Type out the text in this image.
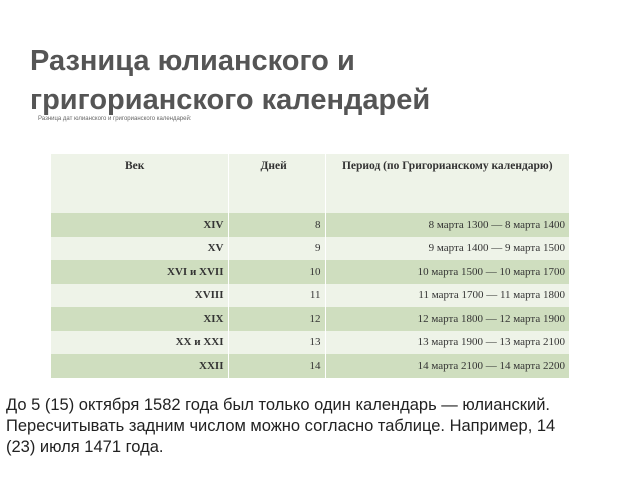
Разница юлианского и
григорианского календарей
Разница дат юлианского и григорианского календарей:
Век	Дней	Период (по Григорианскому календарю)
XIV	8	8 марта 1300 — 8 марта 1400
XV	9	9 марта 1400 — 9 марта 1500
XVI и XVII	10	10 марта 1500 — 10 марта 1700
XVIII	11	11 марта 1700 — 11 марта 1800
XIX	12	12 марта 1800 — 12 марта 1900
XX и XXI	13	13 марта 1900 — 13 марта 2100
XXII	14	14 марта 2100 — 14 марта 2200
До 5 (15) октября 1582 года был только один календарь — юлианский.
Пересчитывать задним числом можно согласно таблице. Например, 14
(23) июля 1471 года.
